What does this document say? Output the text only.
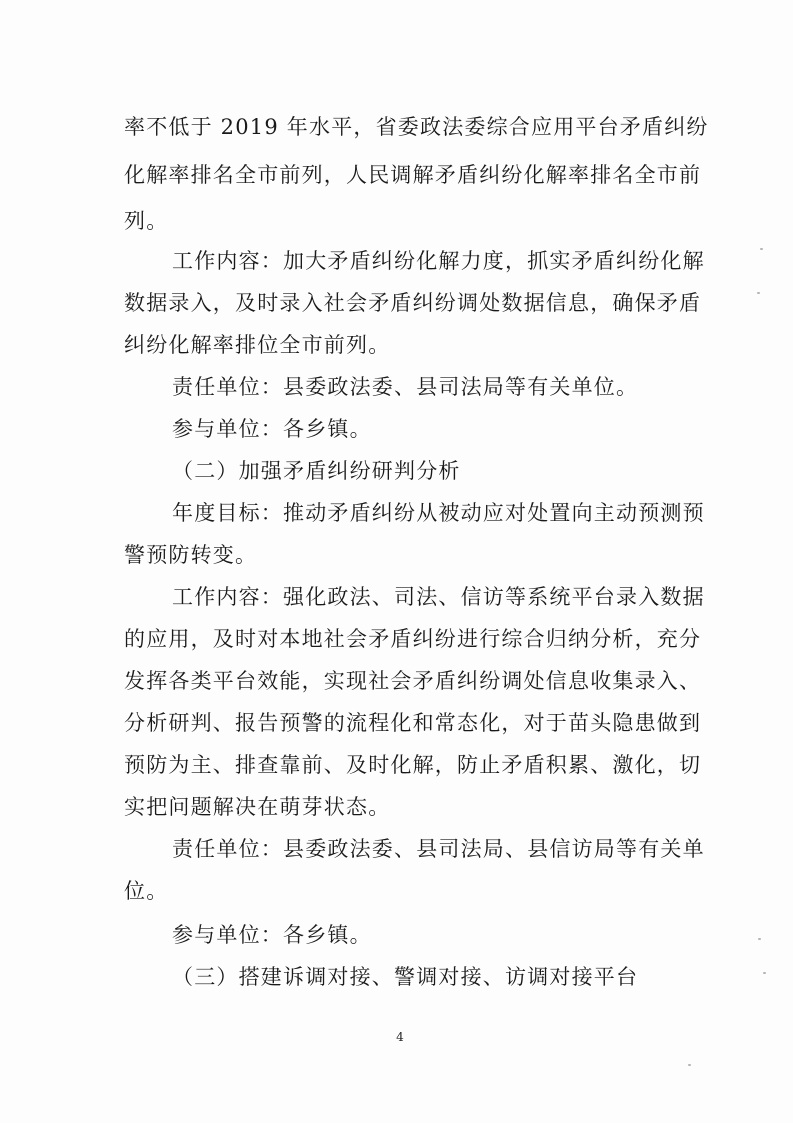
率不低于 2019 年水平，省委政法委综合应用平台矛盾纠纷
化解率排名全市前列，人民调解矛盾纠纷化解率排名全市前
列。
工作内容：加大矛盾纠纷化解力度，抓实矛盾纠纷化解
数据录入，及时录入社会矛盾纠纷调处数据信息，确保矛盾
纠纷化解率排位全市前列。
责任单位：县委政法委、县司法局等有关单位。
参与单位：各乡镇。
（二）加强矛盾纠纷研判分析
年度目标：推动矛盾纠纷从被动应对处置向主动预测预
警预防转变。
工作内容：强化政法、司法、信访等系统平台录入数据
的应用，及时对本地社会矛盾纠纷进行综合归纳分析，充分
发挥各类平台效能，实现社会矛盾纠纷调处信息收集录入、
分析研判、报告预警的流程化和常态化，对于苗头隐患做到
预防为主、排查靠前、及时化解，防止矛盾积累、激化，切
实把问题解决在萌芽状态。
责任单位：县委政法委、县司法局、县信访局等有关单
位。
参与单位：各乡镇。
（三）搭建诉调对接、警调对接、访调对接平台
4
